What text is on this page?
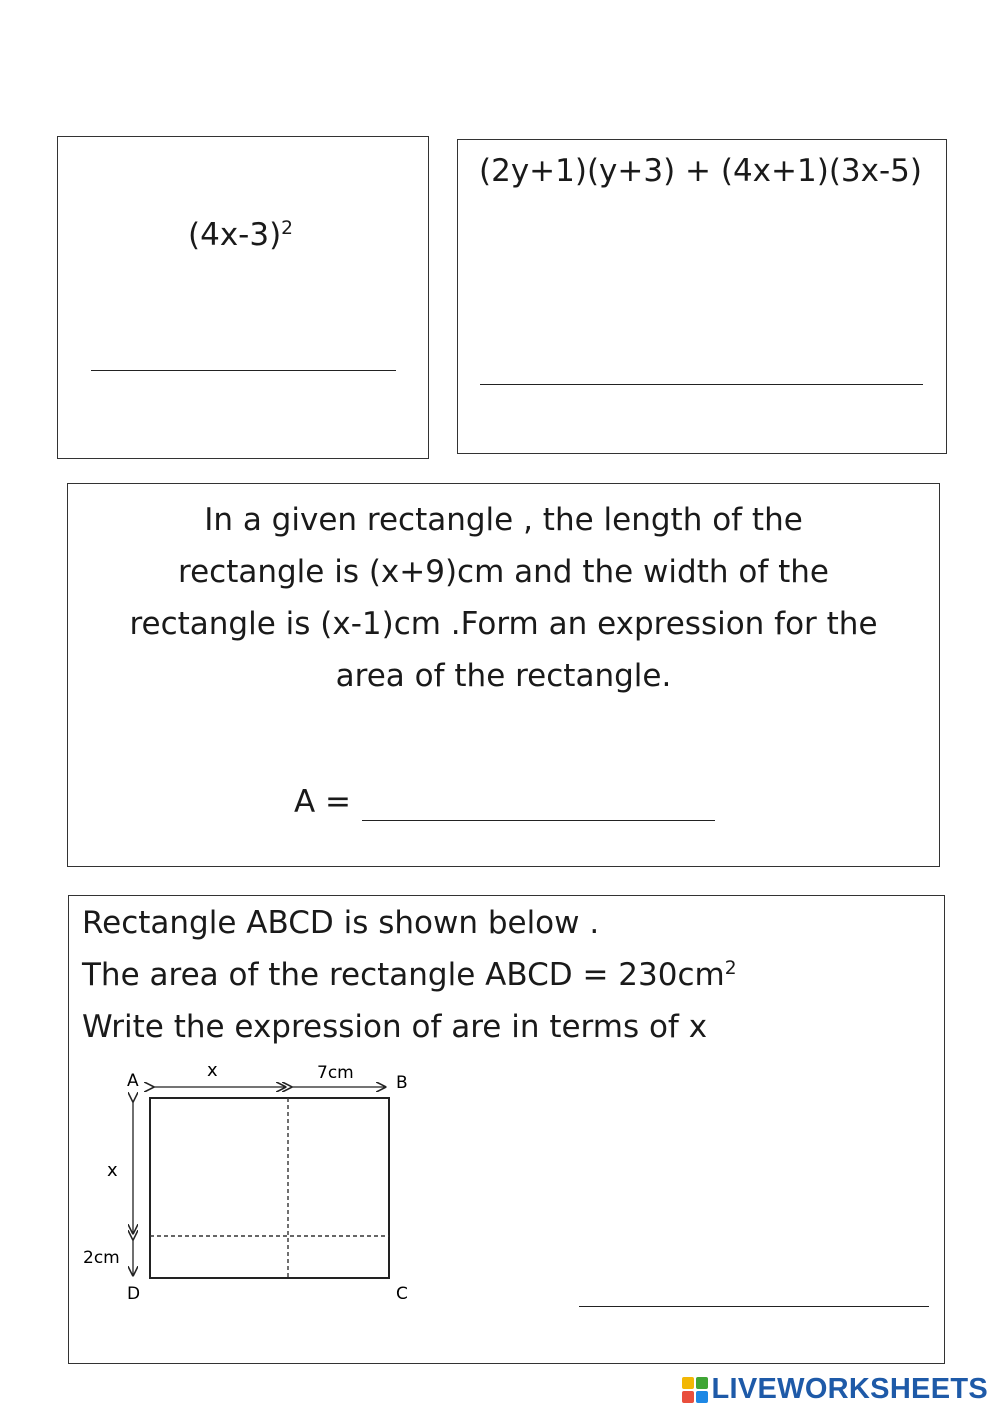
$(4x-3)^2$
(2y+1)(y+3) + (4x+1)(3x-5)
In a given rectangle , the length of the
rectangle is (x+9)cm and the width of the
rectangle is (x-1)cm .Form an expression for the
area of the rectangle.
A =
Rectangle ABCD is shown below .
The area of the rectangle ABCD = $230cm^2$
Write the expression of are in terms of x
A	B
C
D
x	7cm
x
2cm
LIVEWORKSHEETS
